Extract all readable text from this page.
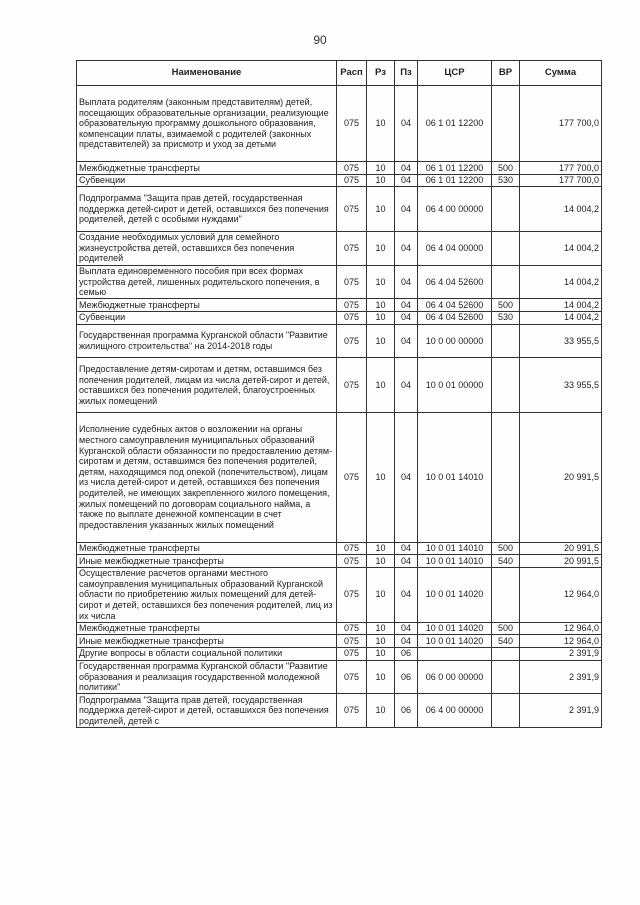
90
Наименование	Расп	Рз	Пз	ЦСР	ВР	Сумма
Выплата родителям (законным представителям) детей, посещающих образовательные организации, реализующие образовательную программу дошкольного образования, компенсации платы, взимаемой с родителей (законных представителей) за присмотр и уход за детьми	075	10	04	06 1 01 12200		177 700,0
Межбюджетные трансферты	075	10	04	06 1 01 12200	500	177 700,0
Субвенции	075	10	04	06 1 01 12200	530	177 700,0
Подпрограмма "Защита прав детей, государственная поддержка детей-сирот и детей, оставшихся без попечения родителей, детей с особыми нуждами"	075	10	04	06 4 00 00000		14 004,2
Создание необходимых условий для семейного жизнеустройства детей, оставшихся без попечения родителей	075	10	04	06 4 04 00000		14 004,2
Выплата единовременного пособия при всех формах устройства детей, лишенных родительского попечения, в семью	075	10	04	06 4 04 52600		14 004,2
Межбюджетные трансферты	075	10	04	06 4 04 52600	500	14 004,2
Субвенции	075	10	04	06 4 04 52600	530	14 004,2
Государственная программа Курганской области "Развитие жилищного строительства" на 2014-2018 годы	075	10	04	10 0 00 00000		33 955,5
Предоставление детям-сиротам и детям, оставшимся без попечения родителей, лицам из числа детей-сирот и детей, оставшихся без попечения родителей, благоустроенных жилых помещений	075	10	04	10 0 01 00000		33 955,5
Исполнение судебных актов о возложении на органы местного самоуправления муниципальных образований Курганской области обязанности по предоставлению детям-сиротам и детям, оставшимся без попечения родителей, детям, находящимся под опекой (попечительством), лицам из числа детей-сирот и детей, оставшихся без попечения родителей, не имеющих закрепленного жилого помещения, жилых помещений по договорам социального найма, а также по выплате денежной компенсации в счет предоставления указанных жилых помещений	075	10	04	10 0 01 14010		20 991,5
Межбюджетные трансферты	075	10	04	10 0 01 14010	500	20 991,5
Иные межбюджетные трансферты	075	10	04	10 0 01 14010	540	20 991,5
Осуществление расчетов органами местного самоуправления муниципальных образований Курганской области по приобретению жилых помещений для детей-сирот и детей, оставшихся без попечения родителей, лиц из их числа	075	10	04	10 0 01 14020		12 964,0
Межбюджетные трансферты	075	10	04	10 0 01 14020	500	12 964,0
Иные межбюджетные трансферты	075	10	04	10 0 01 14020	540	12 964,0
Другие вопросы в области социальной политики	075	10	06			2 391,9
Государственная программа Курганской области "Развитие образования и реализация государственной молодежной политики"	075	10	06	06 0 00 00000		2 391,9
Подпрограмма "Защита прав детей, государственная поддержка детей-сирот и детей, оставшихся без попечения родителей, детей с	075	10	06	06 4 00 00000		2 391,9
